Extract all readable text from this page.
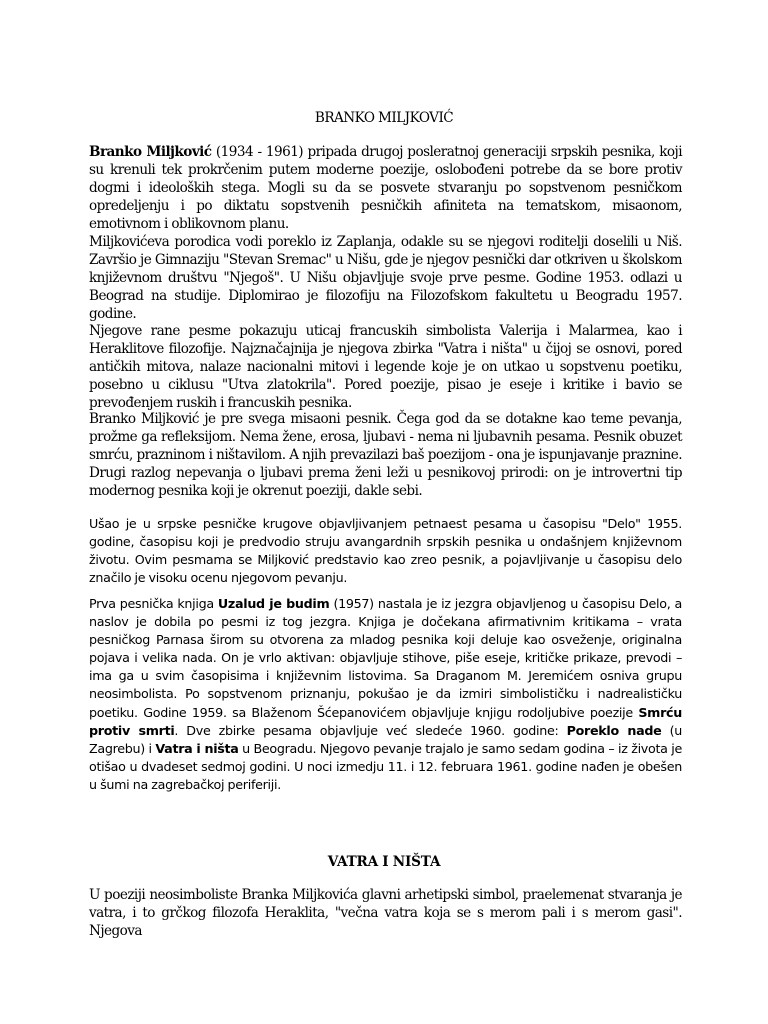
BRANKO MILJKOVIĆ

Branko Miljković (1934 - 1961) pripada drugoj posleratnoj generaciji srpskih pesnika, koji su krenuli tek prokrčenim putem moderne poezije, oslobođeni potrebe da se bore protiv dogmi i ideoloških stega. Mogli su da se posvete stvaranju po sopstvenom pesničkom opredeljenju i po diktatu sopstvenih pesničkih afiniteta na tematskom, misaonom, emotivnom i oblikovnom planu.

Miljkovićeva porodica vodi poreklo iz Zaplanja, odakle su se njegovi roditelji doselili u Niš. Završio je Gimnaziju "Stevan Sremac" u Nišu, gde je njegov pesnički dar otkriven u školskom književnom društvu "Njegoš". U Nišu objavljuje svoje prve pesme. Godine 1953. odlazi u Beograd na studije. Diplomirao je filozofiju na Filozofskom fakultetu u Beogradu 1957. godine.

Njegove rane pesme pokazuju uticaj francuskih simbolista Valerija i Malarmea, kao i Heraklitove filozofije. Najznačajnija je njegova zbirka "Vatra i ništa" u čijoj se osnovi, pored antičkih mitova, nalaze nacionalni mitovi i legende koje je on utkao u sopstvenu poetiku, posebno u ciklusu "Utva zlatokrila". Pored poezije, pisao je eseje i kritike i bavio se prevođenjem ruskih i francuskih pesnika.

Branko Miljković je pre svega misaoni pesnik. Čega god da se dotakne kao teme pevanja, prožme ga refleksijom. Nema žene, erosa, ljubavi - nema ni ljubavnih pesama. Pesnik obuzet smrću, prazninom i ništavilom. A njih prevazilazi baš poezijom - ona je ispunjavanje praznine. Drugi razlog nepevanja o ljubavi prema ženi leži u pesnikovoj prirodi: on je introvertni tip modernog pesnika koji je okrenut poeziji, dakle sebi.

Ušao je u srpske pesničke krugove objavljivanjem petnaest pesama u časopisu "Delo" 1955. godine, časopisu koji je predvodio struju avangardnih srpskih pesnika u ondašnjem književnom životu. Ovim pesmama se Miljković predstavio kao zreo pesnik, a pojavljivanje u časopisu delo značilo je visoku ocenu njegovom pevanju.

Prva pesnička knjiga Uzalud je budim (1957) nastala je iz jezgra objavljenog u časopisu Delo, a naslov je dobila po pesmi iz tog jezgra. Knjiga je dočekana afirmativnim kritikama – vrata pesničkog Parnasa širom su otvorena za mladog pesnika koji deluje kao osveženje, originalna pojava i velika nada. On je vrlo aktivan: objavljuje stihove, piše eseje, kritičke prikaze, prevodi – ima ga u svim časopisima i književnim listovima. Sa Draganom M. Jeremićem osniva grupu neosimbolista. Po sopstvenom priznanju, pokušao je da izmiri simbolističku i nadrealističku poetiku. Godine 1959. sa Blaženom Šćepanovićem objavljuje knjigu rodoljubive poezije Smrću protiv smrti. Dve zbirke pesama objavljuje već sledeće 1960. godine: Poreklo nade (u Zagrebu) i Vatra i ništa u Beogradu. Njegovo pevanje trajalo je samo sedam godina – iz života je otišao u dvadeset sedmoj godini. U noci izmedju 11. i 12. februara 1961. godine nađen je obešen u šumi na zagrebačkoj periferiji.

VATRA I NIŠTA

U poeziji neosimboliste Branka Miljkovića glavni arhetipski simbol, praelemenat stvaranja je vatra, i to grčkog filozofa Heraklita, "večna vatra koja se s merom pali i s merom gasi". Njegova
